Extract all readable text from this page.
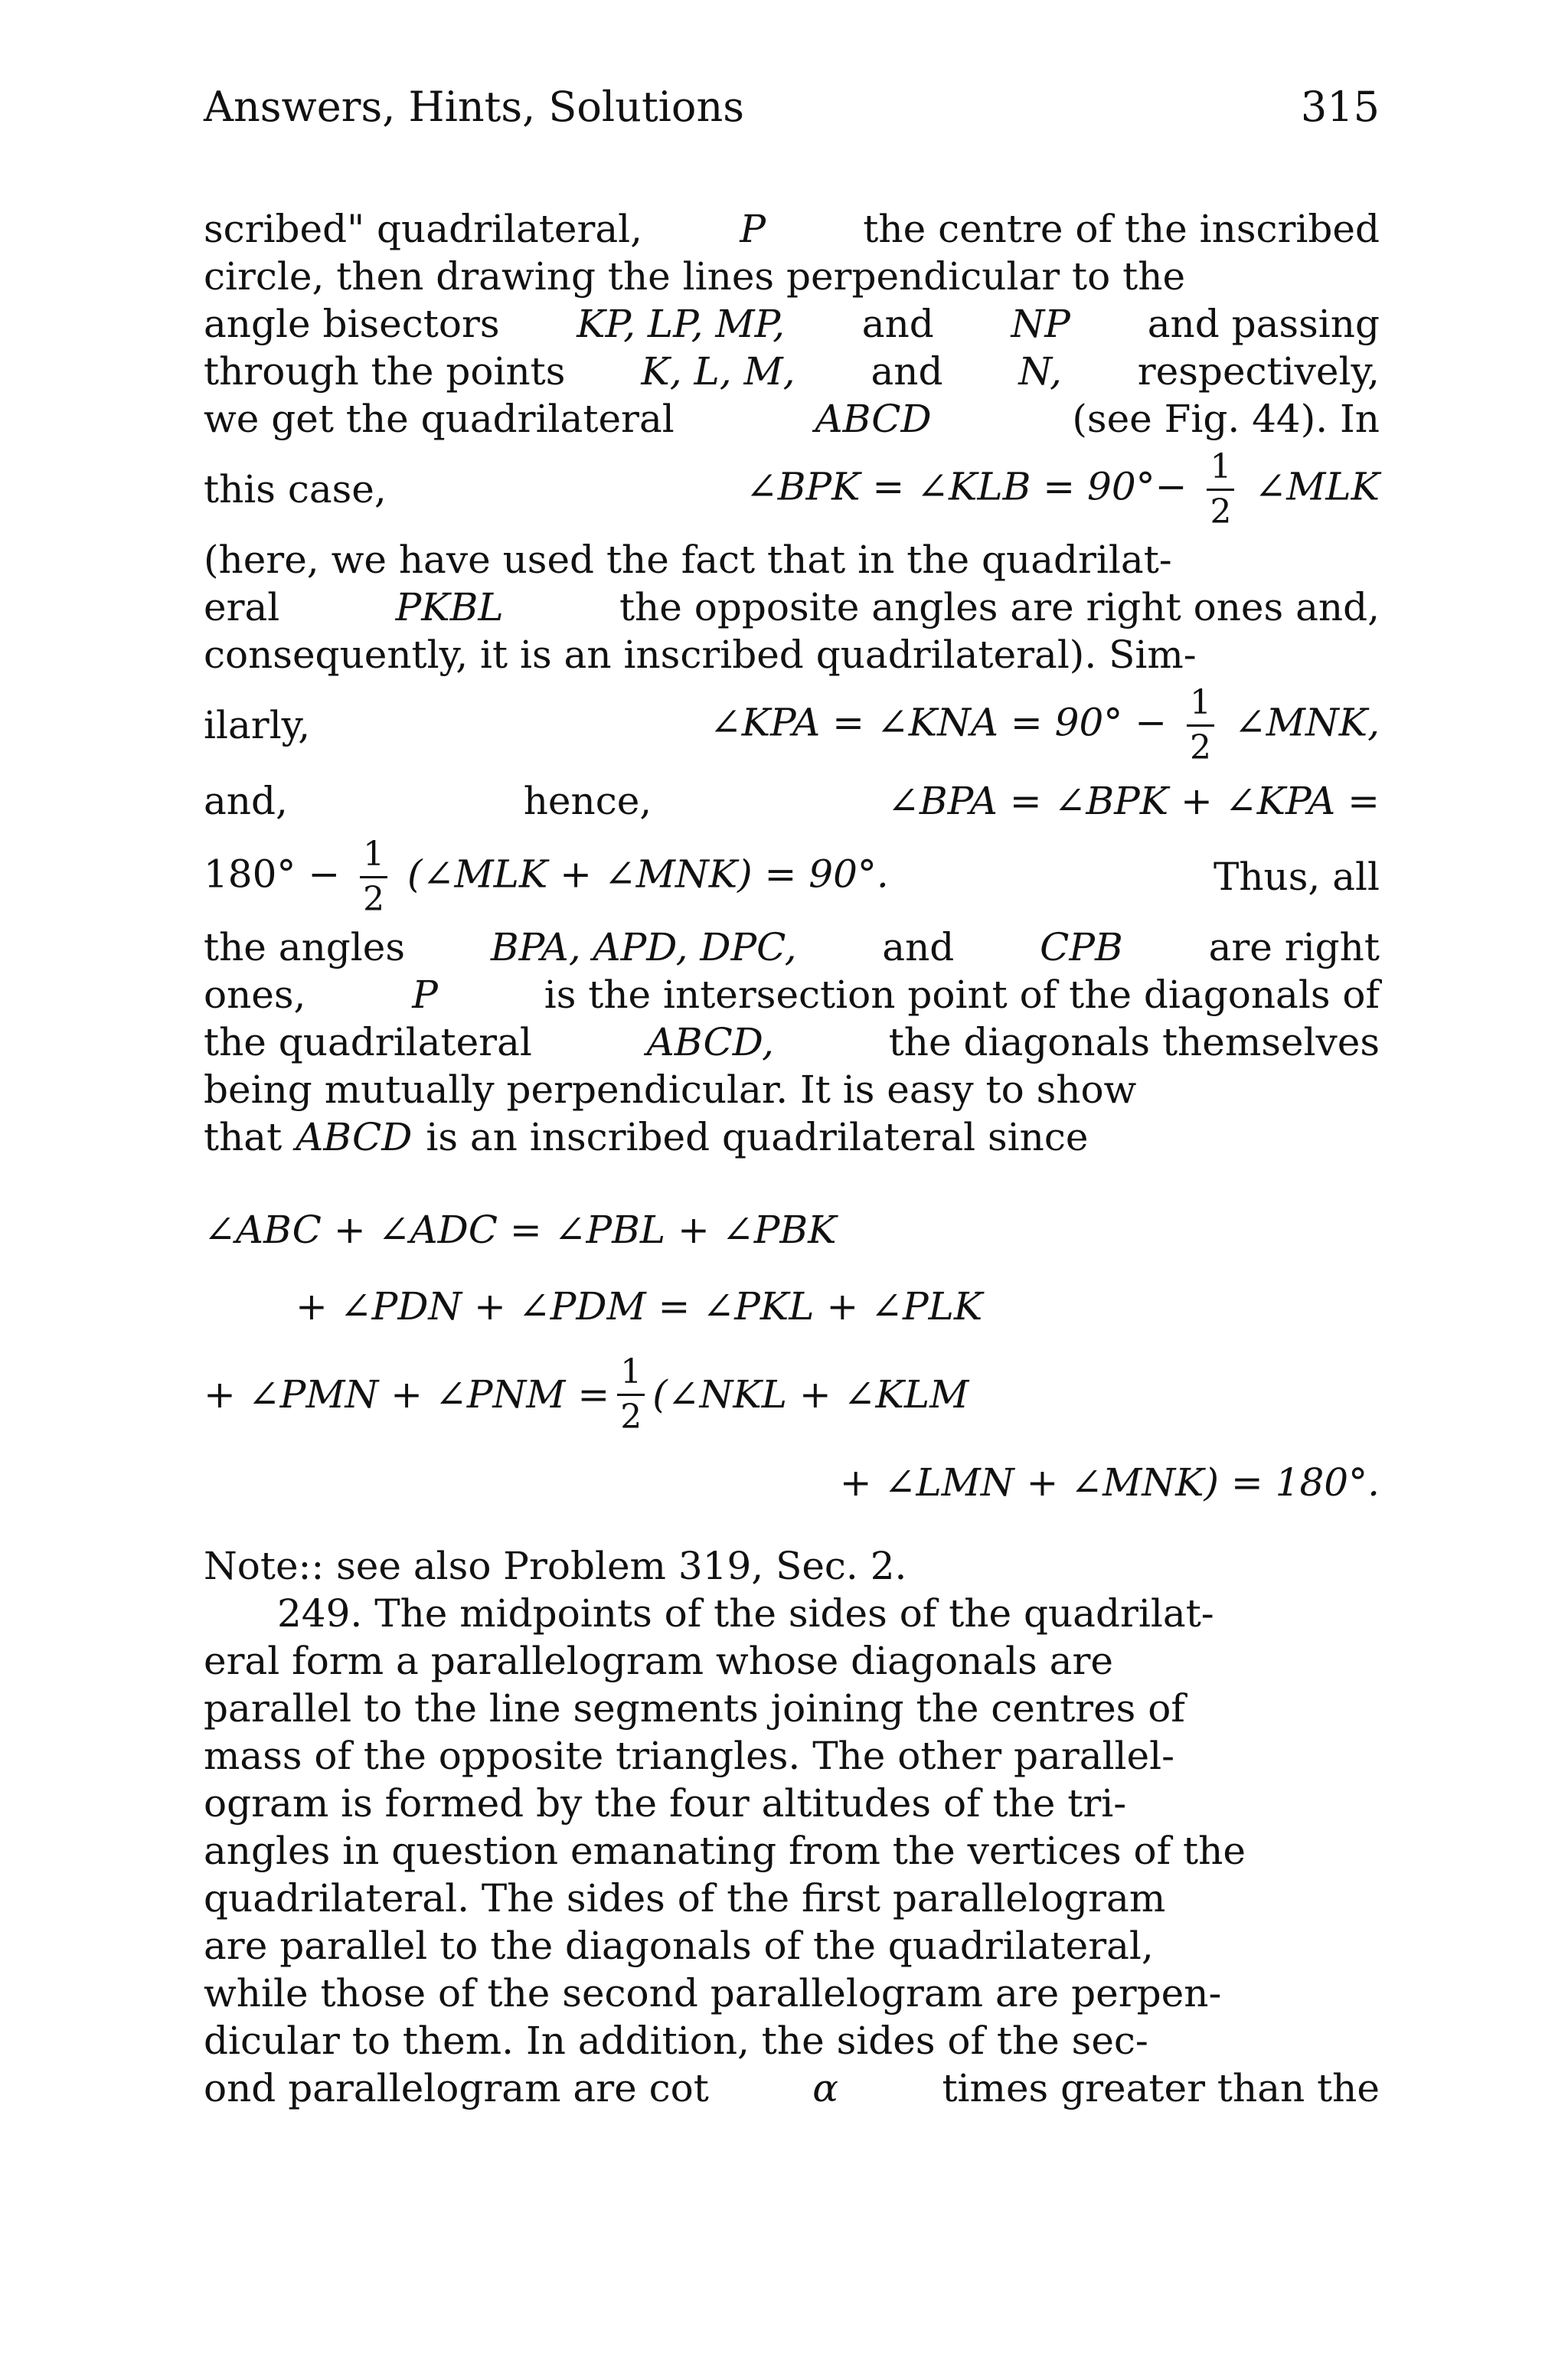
Answers, Hints, Solutions	315
scribed" quadrilateral,	P	the centre of the inscribed
circle, then drawing the lines perpendicular to the
angle bisectors KP, LP, MP, and NP and passing
through the points K, L, M, and N, respectively,
we get the quadrilateral	ABCD	(see Fig. 44). In
this case,	∠BPK = ∠KLB = $90^\circ- \frac{1}{2}$ ∠MLK
(here, we have used the fact that in the quadrilat-
eral	PKBL	the opposite angles are right ones and,
consequently, it is an inscribed quadrilateral). Sim-
ilarly,	∠KPA = ∠KNA = $90^\circ - \frac{1}{2}$ ∠MNK,
and,	hence,	∠BPA = ∠BPK + ∠KPA =
$180^\circ - \frac{1}{2}$ (∠MLK + ∠MNK) = 90°.	Thus, all
the angles BPA, APD, DPC, and CPB are right
ones,	P	is the intersection point of the diagonals of
the quadrilateral	ABCD,	the diagonals themselves
being mutually perpendicular. It is easy to show
that ABCD is an inscribed quadrilateral since
∠ABC + ∠ADC = ∠PBL + ∠PBK
+ ∠PDN + ∠PDM = ∠PKL + ∠PLK
+ ∠PMN + ∠PNM = $\frac{1}{2}$ (∠NKL + ∠KLM
+ ∠LMN + ∠MNK) = 180°.
Note:: see also Problem 319, Sec. 2.
249. The midpoints of the sides of the quadrilat-
eral form a parallelogram whose diagonals are
parallel to the line segments joining the centres of
mass of the opposite triangles. The other parallel-
ogram is formed by the four altitudes of the tri-
angles in question emanating from the vertices of the
quadrilateral. The sides of the first parallelogram
are parallel to the diagonals of the quadrilateral,
while those of the second parallelogram are perpen-
dicular to them. In addition, the sides of the sec-
ond parallelogram are cot	α	times greater than the
